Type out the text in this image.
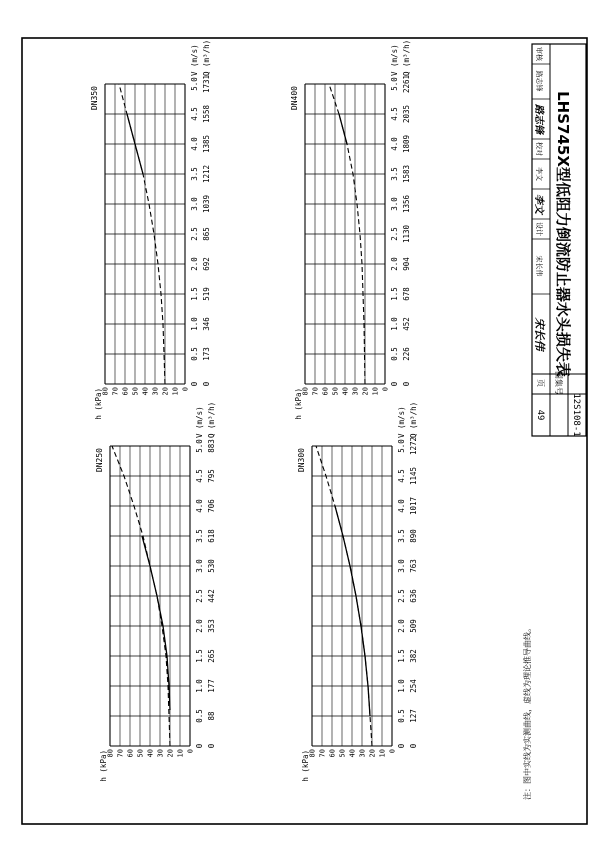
0
10
20
30
40
50
60
70
80
h (kPa)
0
0.5
1.0
1.5
2.0
2.5
3.0
3.5
4.0
4.5
5.0
0
88
177
265
353
442
530
618
706
795
883
V (m/s) Q (m³/h)
DN250
0
10
20
30
40
50
60
70
80
h (kPa)
0
0.5
1.0
1.5
2.0
2.5
3.0
3.5
4.0
4.5
5.0
0
173
346
519
692
865
1039
1212
1385
1558
1731
V (m/s) Q (m³/h)
DN350
0
10
20
30
40
50
60
70
80
h (kPa)
0
0.5
1.0
1.5
2.0
2.5
3.0
3.5
4.0
4.5
5.0
0
127
254
382
509
636
763
890
1017
1145
1272
V (m/s) Q (m³/h)
DN300
0
10
20
30
40
50
60
70
80
h (kPa)
0
0.5
1.0
1.5
2.0
2.5
3.0
3.5
4.0
4.5
5.0
0
226
452
678
904
1130
1356
1583
1809
2035
2261
V (m/s) Q (m³/h)
DN400
图集号
12S108-1
页
49
LHS745X型低阻力倒流防止器水头损失表
审核
路志锋
路志锋
校对
李文
李文
设计
宋长伟
宋长伟
注：图中实线为实测曲线，虚线为理论推导曲线。
